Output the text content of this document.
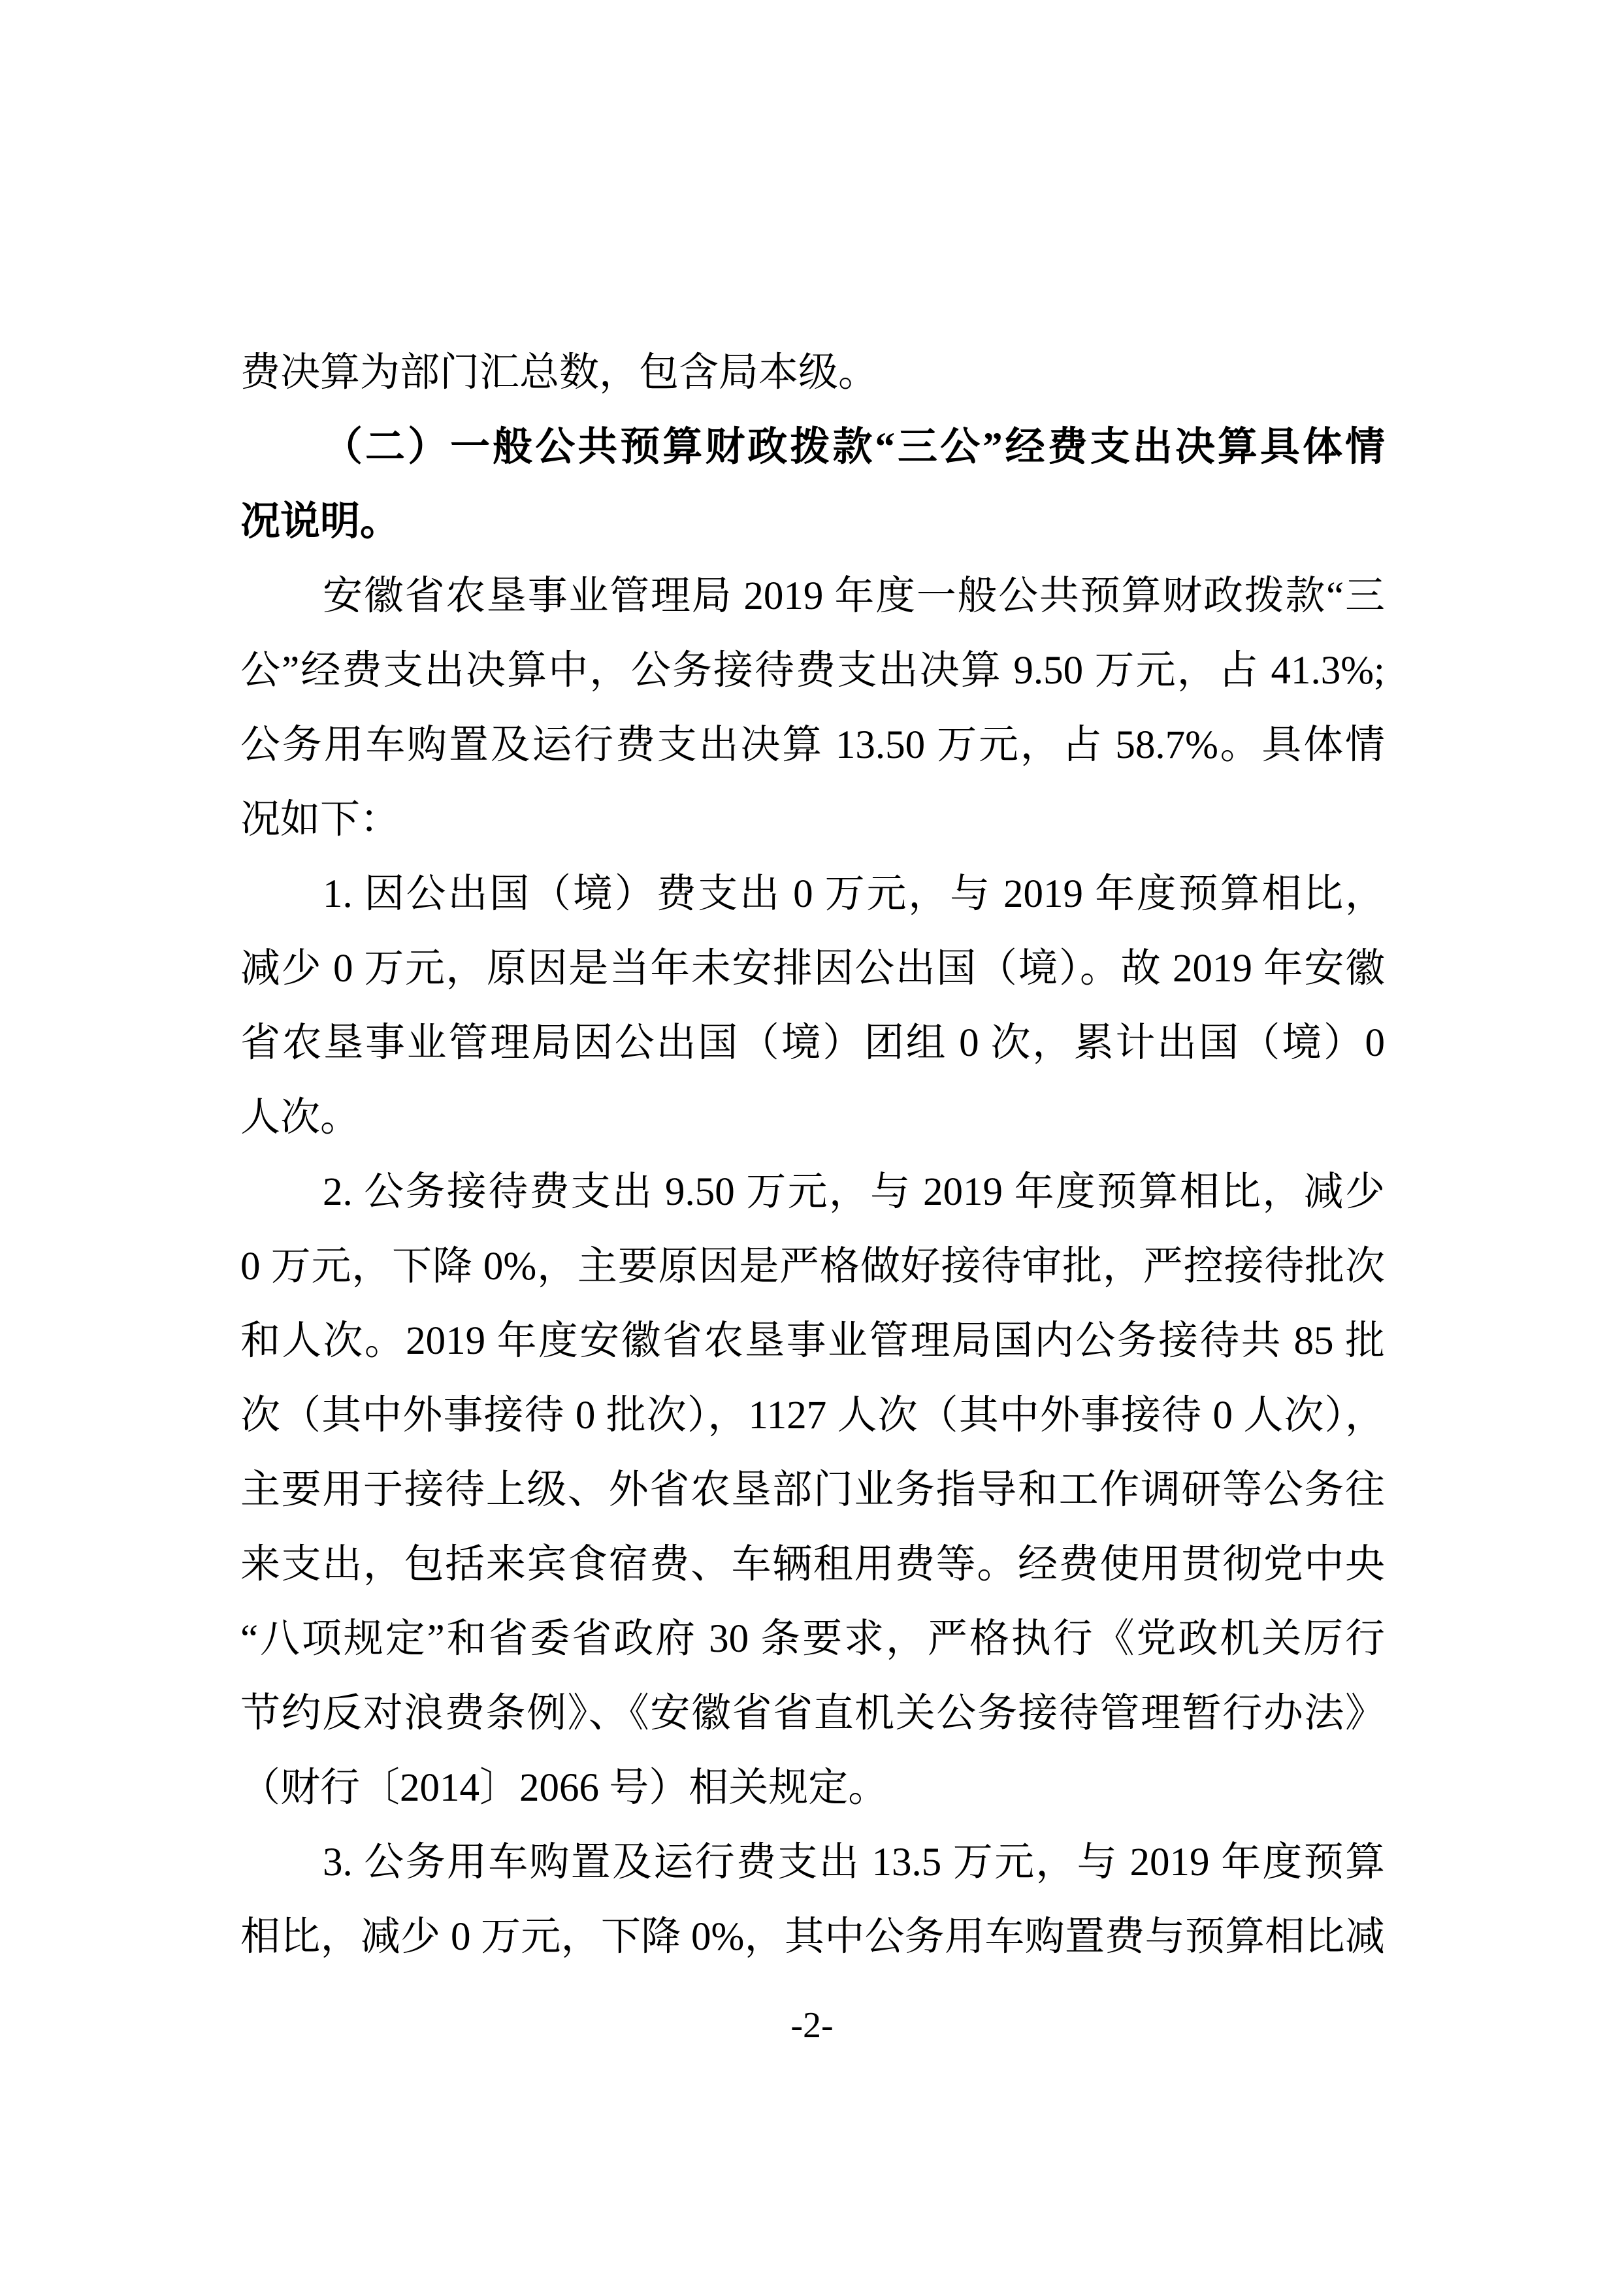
费决算为部门汇总数，包含局本级。
（二）一般公共预算财政拨款“三公”经费支出决算具体情
况说明。
安徽省农垦事业管理局 2019 年度一般公共预算财政拨款“三
公”经费支出决算中，公务接待费支出决算 9.50 万元，占 41.3%;
公务用车购置及运行费支出决算 13.50 万元，占 58.7%。具体情
况如下：
1. 因公出国（境）费支出 0 万元，与 2019 年度预算相比，
减少 0 万元，原因是当年未安排因公出国（境）。故 2019 年安徽
省农垦事业管理局因公出国（境）团组 0 次，累计出国（境）0
人次。
2. 公务接待费支出 9.50 万元，与 2019 年度预算相比，减少
0 万元，下降 0%，主要原因是严格做好接待审批，严控接待批次
和人次。2019 年度安徽省农垦事业管理局国内公务接待共 85 批
次（其中外事接待 0 批次），1127 人次（其中外事接待 0 人次），
主要用于接待上级、外省农垦部门业务指导和工作调研等公务往
来支出，包括来宾食宿费、车辆租用费等。经费使用贯彻党中央
“八项规定”和省委省政府 30 条要求，严格执行《党政机关厉行
节约反对浪费条例》、《安徽省省直机关公务接待管理暂行办法》
（财行〔2014〕2066 号）相关规定。
3. 公务用车购置及运行费支出 13.5 万元，与 2019 年度预算
相比，减少 0 万元，下降 0%，其中公务用车购置费与预算相比减
-2-
